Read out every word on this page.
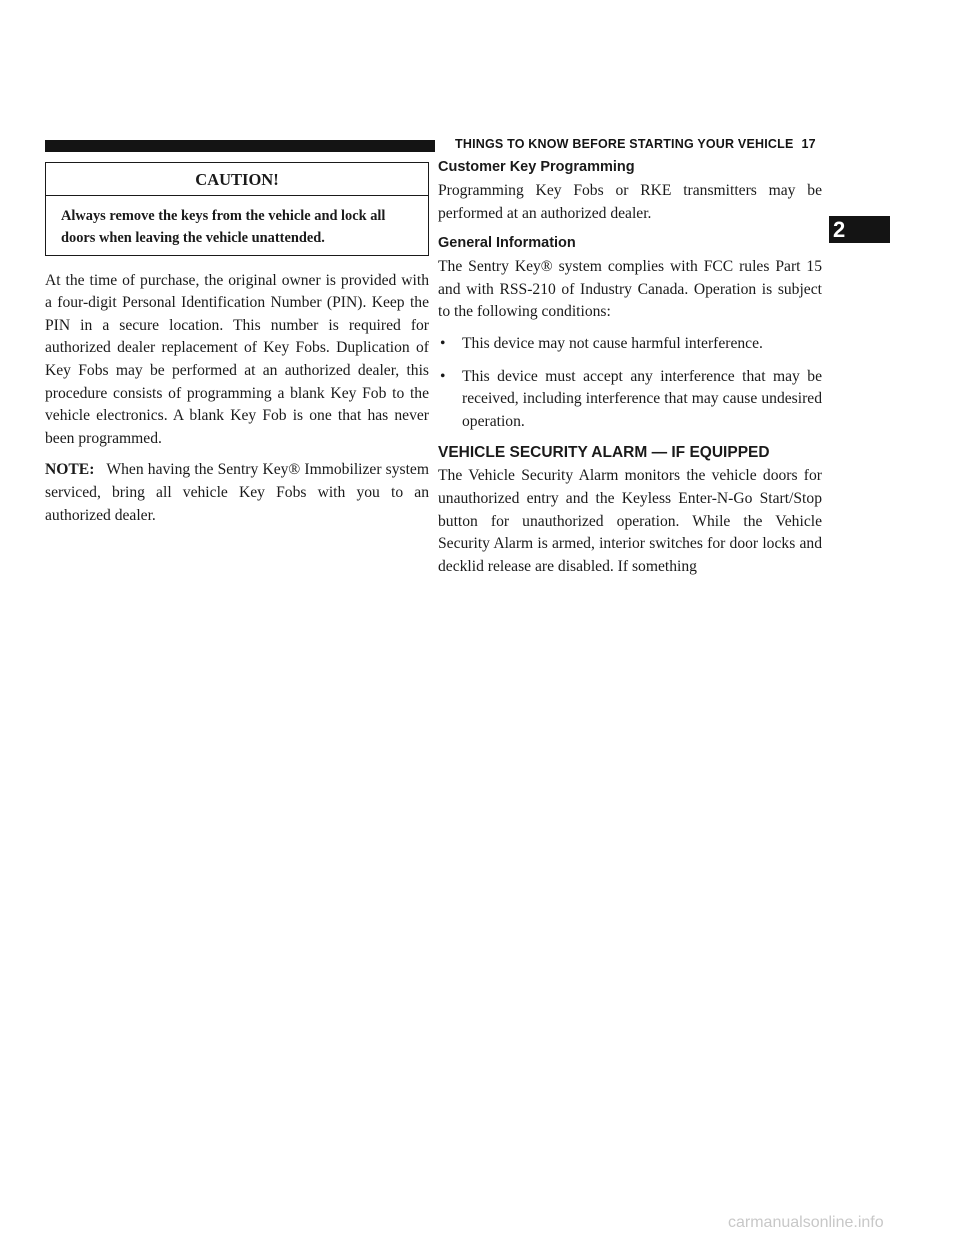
THINGS TO KNOW BEFORE STARTING YOUR VEHICLE 17
2
CAUTION!
Always remove the keys from the vehicle and lock all doors when leaving the vehicle unattended.

At the time of purchase, the original owner is provided with a four-digit Personal Identification Number (PIN). Keep the PIN in a secure location. This number is required for authorized dealer replacement of Key Fobs. Duplication of Key Fobs may be performed at an authorized dealer, this procedure consists of programming a blank Key Fob to the vehicle electronics. A blank Key Fob is one that has never been programmed.

NOTE: When having the Sentry Key® Immobilizer system serviced, bring all vehicle Key Fobs with you to an authorized dealer.

Customer Key Programming

Programming Key Fobs or RKE transmitters may be performed at an authorized dealer.

General Information

The Sentry Key® system complies with FCC rules Part 15 and with RSS-210 of Industry Canada. Operation is subject to the following conditions:

• This device may not cause harmful interference.
• This device must accept any interference that may be received, including interference that may cause undesired operation.
VEHICLE SECURITY ALARM — IF EQUIPPED

The Vehicle Security Alarm monitors the vehicle doors for unauthorized entry and the Keyless Enter-N-Go Start/Stop button for unauthorized operation. While the Vehicle Security Alarm is armed, interior switches for door locks and decklid release are disabled. If something

carmanualsonline.info
